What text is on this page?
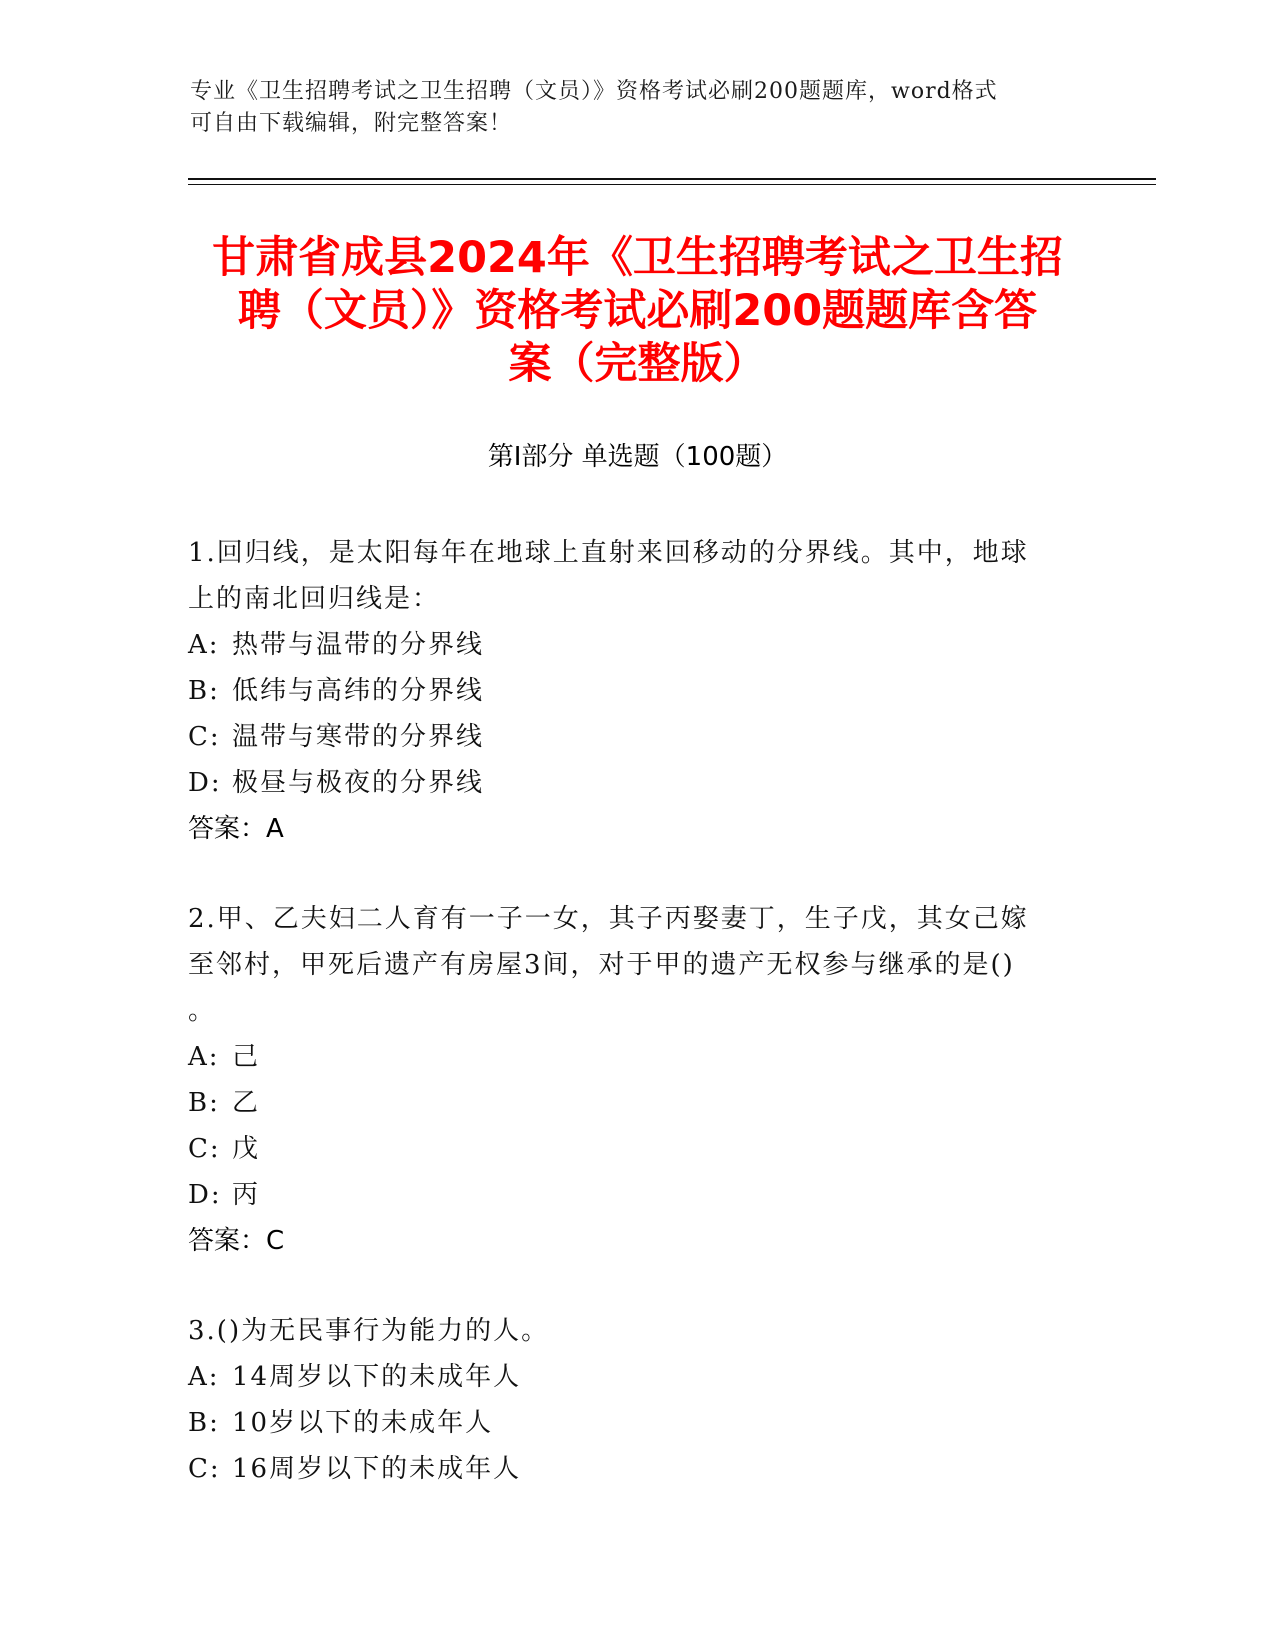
专业《卫生招聘考试之卫生招聘（文员）》资格考试必刷200题题库，word格式
可自由下载编辑，附完整答案！
甘肃省成县2024年《卫生招聘考试之卫生招
聘（文员）》资格考试必刷200题题库含答
案（完整版）
第Ⅰ部分 单选题（100题）
1.回归线，是太阳每年在地球上直射来回移动的分界线。其中，地球
上的南北回归线是：
A: 热带与温带的分界线
B: 低纬与高纬的分界线
C: 温带与寒带的分界线
D: 极昼与极夜的分界线
答案：A
2.甲、乙夫妇二人育有一子一女，其子丙娶妻丁，生子戊，其女己嫁
至邻村，甲死后遗产有房屋3间，对于甲的遗产无权参与继承的是()
。
A: 己
B: 乙
C: 戊
D: 丙
答案：C
3.()为无民事行为能力的人。
A: 14周岁以下的未成年人
B: 10岁以下的未成年人
C: 16周岁以下的未成年人
